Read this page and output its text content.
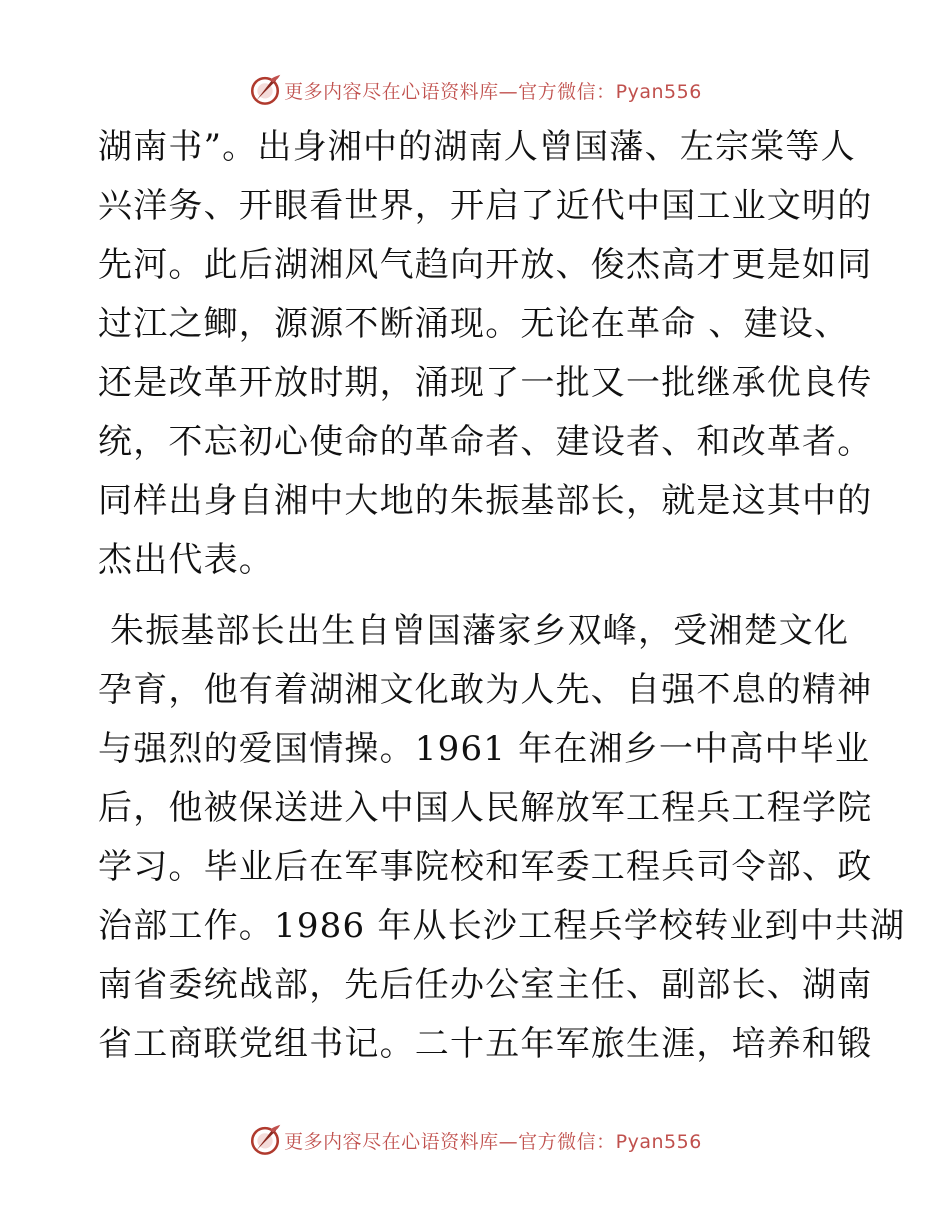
更多内容尽在心语资料库—官方微信：Pyan556

湖南书”。出身湘中的湖南人曾国藩、左宗棠等人
兴洋务、开眼看世界，开启了近代中国工业文明的
先河。此后湖湘风气趋向开放、俊杰高才更是如同
过江之鲫，源源不断涌现。无论在革命 、建设、
还是改革开放时期，涌现了一批又一批继承优良传
统，不忘初心使命的革命者、建设者、和改革者。
同样出身自湘中大地的朱振基部长，就是这其中的
杰出代表。

朱振基部长出生自曾国藩家乡双峰，受湘楚文化
孕育，他有着湖湘文化敢为人先、自强不息的精神
与强烈的爱国情操。1961 年在湘乡一中高中毕业
后，他被保送进入中国人民解放军工程兵工程学院
学习。毕业后在军事院校和军委工程兵司令部、政
治部工作。1986 年从长沙工程兵学校转业到中共湖
南省委统战部，先后任办公室主任、副部长、湖南
省工商联党组书记。二十五年军旅生涯，培养和锻

更多内容尽在心语资料库—官方微信：Pyan556
